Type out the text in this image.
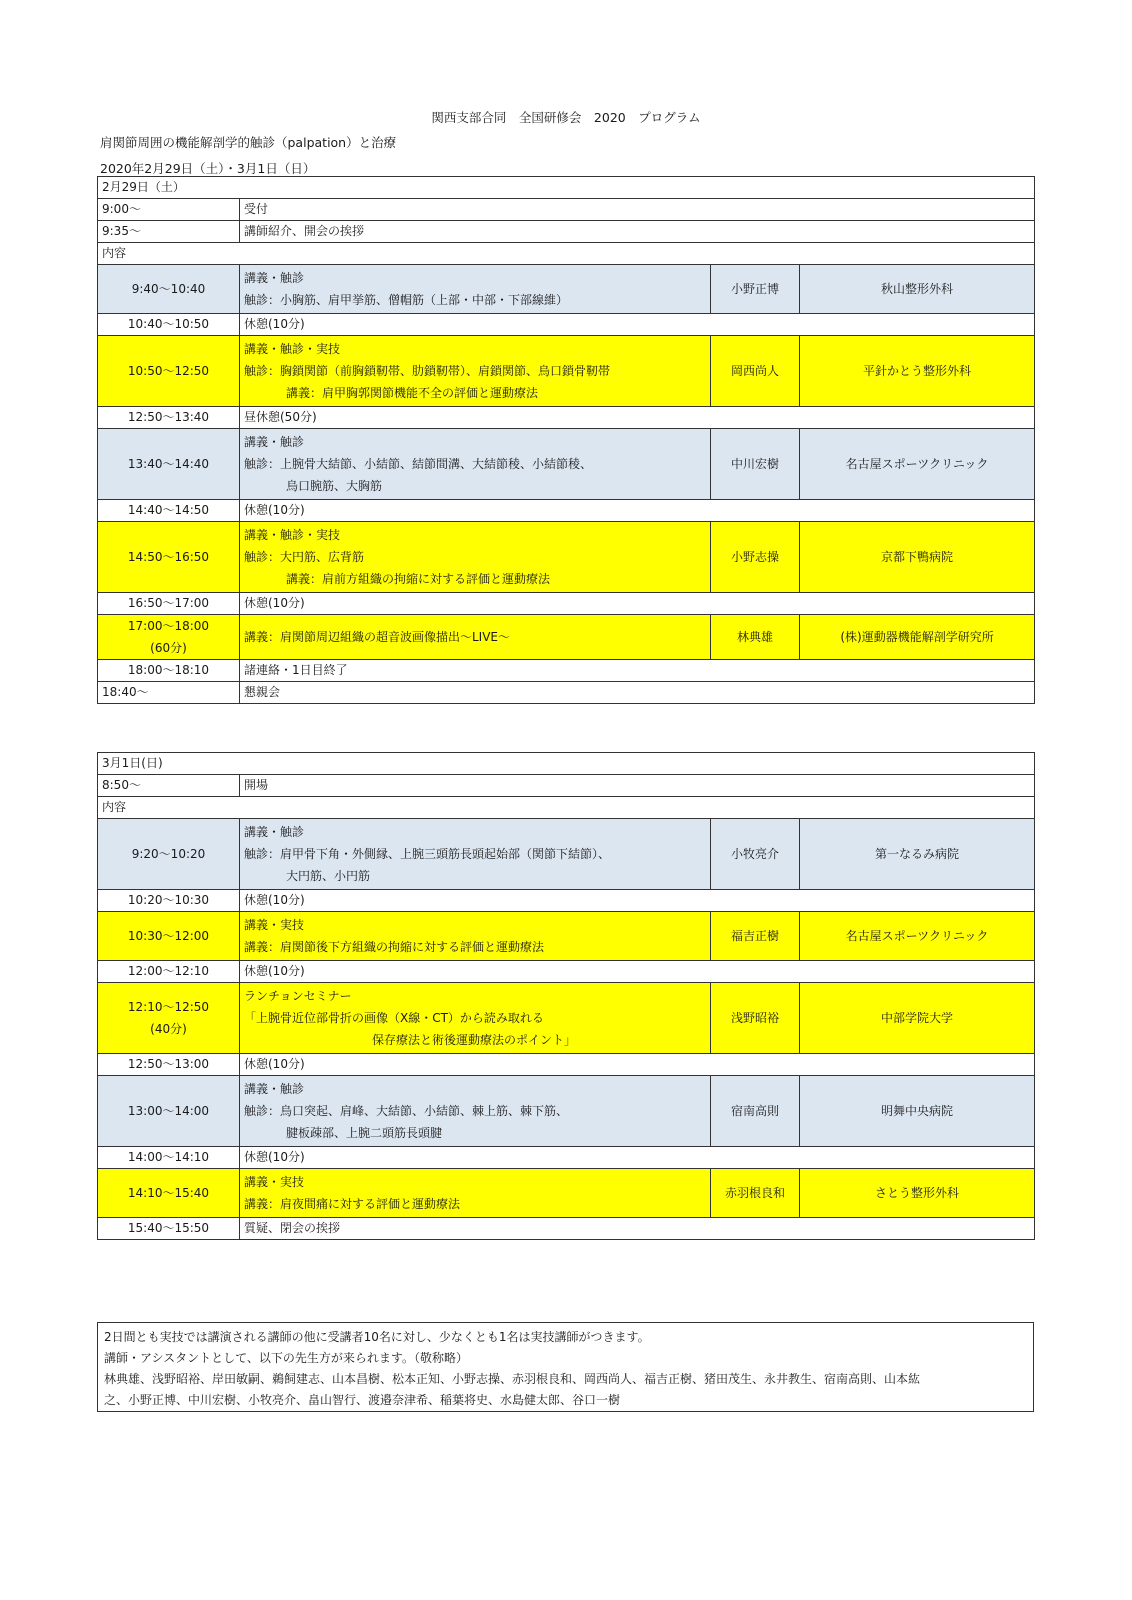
関西支部合同　全国研修会　2020　プログラム
肩関節周囲の機能解剖学的触診（palpation）と治療
2020年2月29日（土）・3月1日（日）
2月29日（土）			
9:00～	受付		
9:35～	講師紹介、開会の挨拶		
内容			

9:40～10:40	講義・触診
触診：小胸筋、肩甲挙筋、僧帽筋（上部・中部・下部線維）	小野正博	秋山整形外科
10:40～10:50	休憩(10分)		

10:50～12:50	講義・触診・実技
触診：胸鎖関節（前胸鎖靭帯、肋鎖靭帯）、肩鎖関節、烏口鎖骨靭帯
講義：肩甲胸郭関節機能不全の評価と運動療法	岡西尚人	平針かとう整形外科
12:50～13:40	昼休憩(50分)		

13:40～14:40	講義・触診
触診：上腕骨大結節、小結節、結節間溝、大結節稜、小結節稜、
烏口腕筋、大胸筋	中川宏樹	名古屋スポーツクリニック
14:40～14:50	休憩(10分)		

14:50～16:50	講義・触診・実技
触診：大円筋、広背筋
講義：肩前方組織の拘縮に対する評価と運動療法	小野志操	京都下鴨病院
16:50～17:00	休憩(10分)		

17:00～18:00
(60分)	講義：肩関節周辺組織の超音波画像描出～LIVE～	林典雄	(株)運動器機能解剖学研究所
18:00～18:10	諸連絡・1日目終了		
18:40～	懇親会		
3月1日(日)			
8:50～	開場		
内容			

9:20～10:20	講義・触診
触診：肩甲骨下角・外側縁、上腕三頭筋長頭起始部（関節下結節）、
大円筋、小円筋	小牧亮介	第一なるみ病院
10:20～10:30	休憩(10分)		

10:30～12:00	講義・実技
講義：肩関節後下方組織の拘縮に対する評価と運動療法	福吉正樹	名古屋スポーツクリニック
12:00～12:10	休憩(10分)		

12:10～12:50
(40分)	ランチョンセミナー
「上腕骨近位部骨折の画像（X線・CT）から読み取れる
保存療法と術後運動療法のポイント」	浅野昭裕	中部学院大学
12:50～13:00	休憩(10分)		

13:00～14:00	講義・触診
触診：烏口突起、肩峰、大結節、小結節、棘上筋、棘下筋、
腱板疎部、上腕二頭筋長頭腱	宿南高則	明舞中央病院
14:00～14:10	休憩(10分)		

14:10～15:40	講義・実技
講義：肩夜間痛に対する評価と運動療法	赤羽根良和	さとう整形外科
15:40～15:50	質疑、閉会の挨拶		
2日間とも実技では講演される講師の他に受講者10名に対し、少なくとも1名は実技講師がつきます。
講師・アシスタントとして、以下の先生方が来られます。（敬称略）
林典雄、浅野昭裕、岸田敏嗣、鵜飼建志、山本昌樹、松本正知、小野志操、赤羽根良和、岡西尚人、福吉正樹、猪田茂生、永井教生、宿南高則、山本紘
之、小野正博、中川宏樹、小牧亮介、畠山智行、渡邉奈津希、稲葉将史、水島健太郎、谷口一樹
